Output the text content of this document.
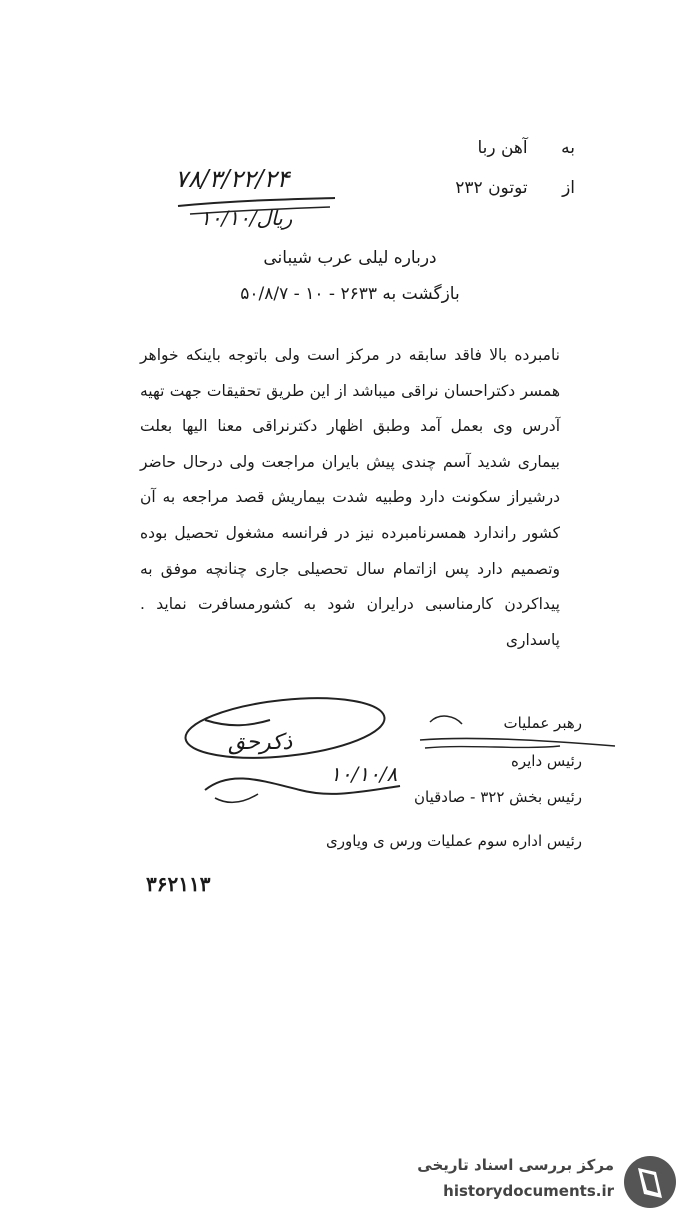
به آهن ربا
از توتون ۲۳۲
۷۸/۳/۲۲/۲۴
۱۰/۱۰/ریال
درباره لیلی عرب شیبانی
بازگشت به ۲۶۳۳ - ۱۰ - ۵۰/۸/۷

نامبرده بالا فاقد سابقه در مرکز است ولی باتوجه باینکه خواهر همسر دکتراحسان نراقی میباشد از این طریق تحقیقات جهت تهیه آدرس وی بعمل آمد وطبق اظهار دکترنراقی معنا الیها بعلت بیماری شدید آسم چندی پیش بایران مراجعت ولی درحال حاضر درشیراز سکونت دارد وطبیه شدت بیماریش قصد مراجعه به آن کشور راندارد همسرنامبرده نیز در فرانسه مشغول تحصیل بوده وتصمیم دارد پس ازاتمام سال تحصیلی جاری چنانچه موفق به پیداکردن کارمناسبی درایران شود به کشورمسافرت نماید . پاسداری

رهبر عملیات
رئیس دایره
رئیس بخش ۳۲۲ - صادقیان
رئیس اداره سوم عملیات ورس ی ویاوری
۱۰/۱۰/۸
ذکرحق
۳۶۲۱۱۳
مرکز بررسی اسناد تاریخی
historydocuments.ir
